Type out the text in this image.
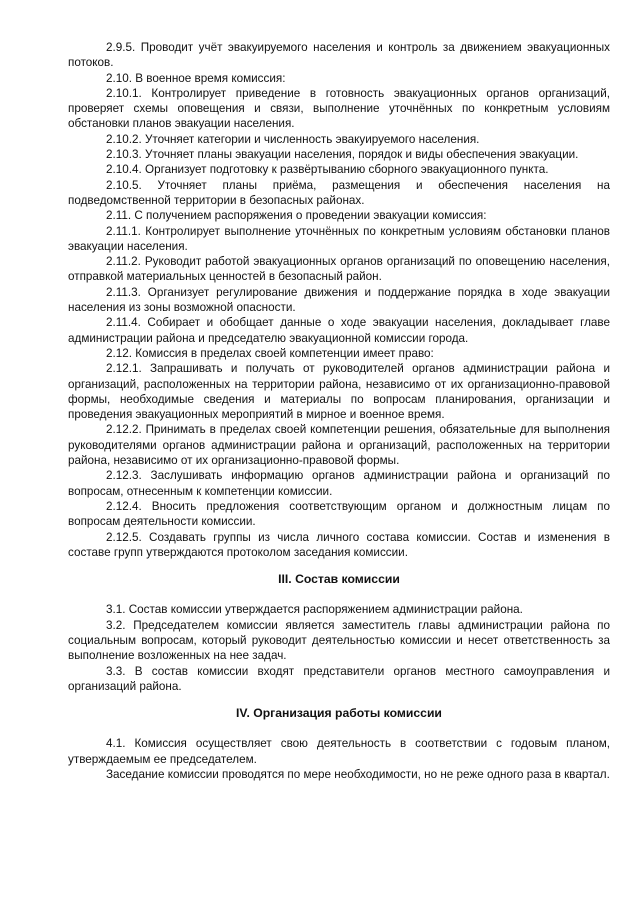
2.9.5. Проводит учёт эвакуируемого населения и контроль за движением эвакуационных потоков.

2.10. В военное время комиссия:

2.10.1. Контролирует приведение в готовность эвакуационных органов организаций, проверяет схемы оповещения и связи, выполнение уточнённых по конкретным условиям обстановки планов эвакуации населения.

2.10.2. Уточняет категории и численность эвакуируемого населения.

2.10.3. Уточняет планы эвакуации населения, порядок и виды обеспечения эвакуации.

2.10.4. Организует подготовку к развёртыванию сборного эвакуационного пункта.

2.10.5. Уточняет планы приёма, размещения и обеспечения населения на подведомственной территории в безопасных районах.

2.11. С получением распоряжения о проведении эвакуации комиссия:

2.11.1. Контролирует выполнение уточнённых по конкретным условиям обстановки планов эвакуации населения.

2.11.2. Руководит работой эвакуационных органов организаций по оповещению населения, отправкой материальных ценностей в безопасный район.

2.11.3. Организует регулирование движения и поддержание порядка в ходе эвакуации населения из зоны возможной опасности.

2.11.4. Собирает и обобщает данные о ходе эвакуации населения, докладывает главе администрации района и председателю эвакуационной комиссии города.

2.12. Комиссия в пределах своей компетенции имеет право:

2.12.1. Запрашивать и получать от руководителей органов администрации района и организаций, расположенных на территории района, независимо от их организационно-правовой формы, необходимые сведения и материалы по вопросам планирования, организации и проведения эвакуационных мероприятий в мирное и военное время.

2.12.2. Принимать в пределах своей компетенции решения, обязательные для выполнения руководителями органов администрации района и организаций, расположенных на территории района, независимо от их организационно-правовой формы.

2.12.3. Заслушивать информацию органов администрации района и организаций по вопросам, отнесенным к компетенции комиссии.

2.12.4. Вносить предложения соответствующим органом и должностным лицам по вопросам деятельности комиссии.

2.12.5. Создавать группы из числа личного состава комиссии. Состав и изменения в составе групп утверждаются протоколом заседания комиссии.

III. Состав комиссии

3.1. Состав комиссии утверждается распоряжением администрации района.

3.2. Председателем комиссии является заместитель главы администрации района по социальным вопросам, который руководит деятельностью комиссии и несет ответственность за выполнение возложенных на нее задач.

3.3. В состав комиссии входят представители органов местного самоуправления и организаций района.

IV. Организация работы комиссии

4.1. Комиссия осуществляет свою деятельность в соответствии с годовым планом, утверждаемым ее председателем.

Заседание комиссии проводятся по мере необходимости, но не реже одного раза в квартал.
